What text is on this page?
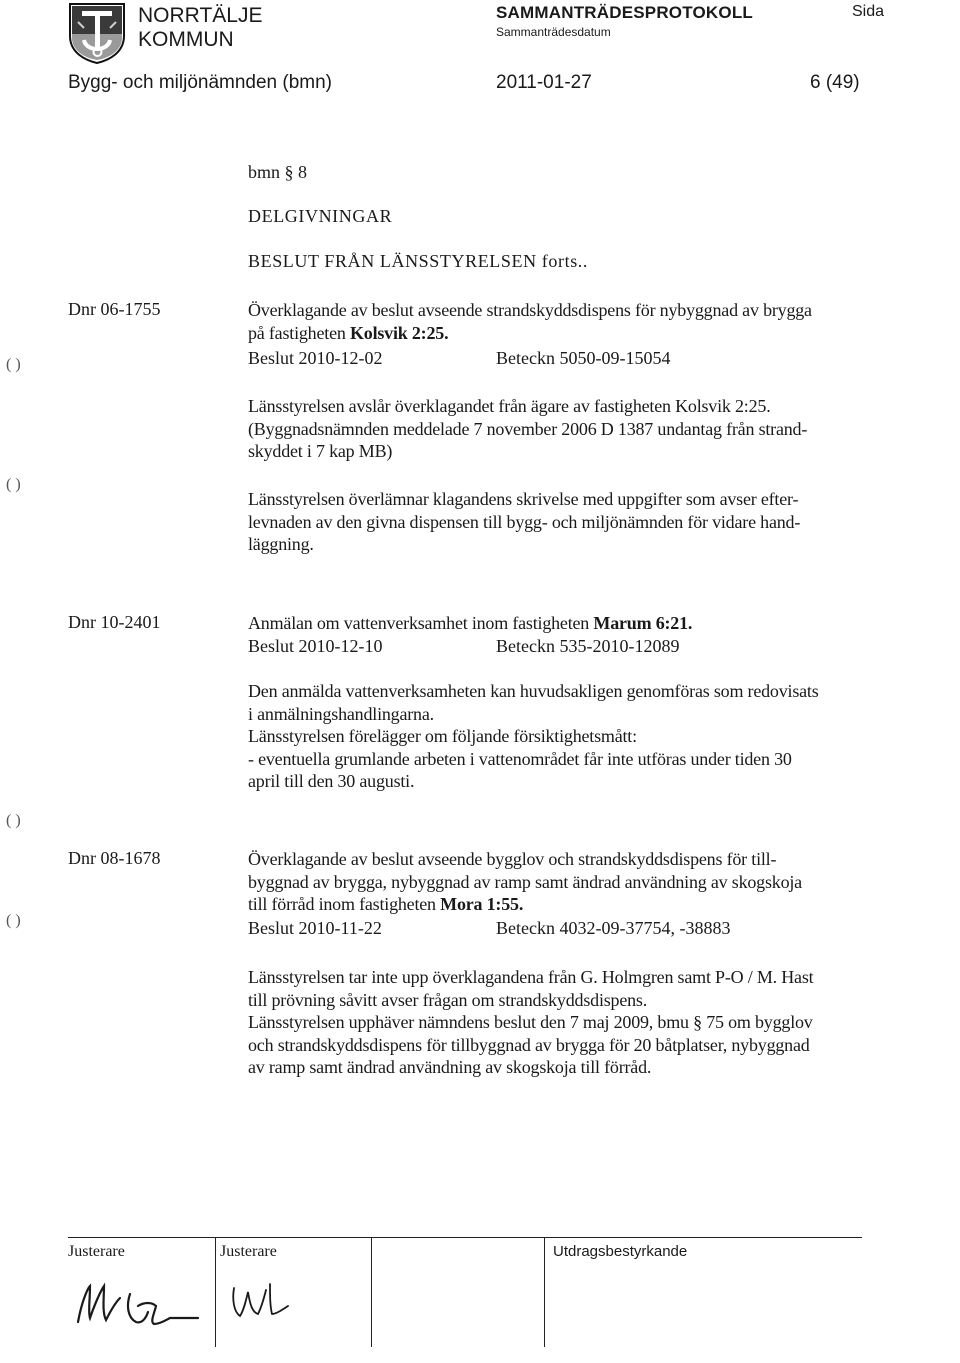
NORRTÄLJE
KOMMUN
SAMMANTRÄDESPROTOKOLL
Sammanträdesdatum
Sida
Bygg- och miljönämnden (bmn)	2011-01-27	6 (49)
bmn § 8
DELGIVNINGAR
BESLUT FRÅN LÄNSSTYRELSEN forts..
Dnr 06-1755	Överklagande av beslut avseende strandskyddsdispens för nybyggnad av brygga
på fastigheten Kolsvik 2:25.
Beslut 2010-12-02	Beteckn 5050-09-15054
Länsstyrelsen avslår överklagandet från ägare av fastigheten Kolsvik 2:25.
(Byggnadsnämnden meddelade 7 november 2006 D 1387 undantag från strand-
skyddet i 7 kap MB)
Länsstyrelsen överlämnar klagandens skrivelse med uppgifter som avser efter-
levnaden av den givna dispensen till bygg- och miljönämnden för vidare hand-
läggning.
Dnr 10-2401	Anmälan om vattenverksamhet inom fastigheten Marum 6:21.
Beslut 2010-12-10	Beteckn 535-2010-12089
Den anmälda vattenverksamheten kan huvudsakligen genomföras som redovisats
i anmälningshandlingarna.
Länsstyrelsen förelägger om följande försiktighetsmått:
- eventuella grumlande arbeten i vattenområdet får inte utföras under tiden 30
april till den 30 augusti.
Dnr 08-1678	Överklagande av beslut avseende bygglov och strandskyddsdispens för till-
byggnad av brygga, nybyggnad av ramp samt ändrad användning av skogskoja
till förråd inom fastigheten Mora 1:55.
Beslut 2010-11-22	Beteckn 4032-09-37754, -38883
Länsstyrelsen tar inte upp överklagandena från G. Holmgren samt P-O / M. Hast
till prövning såvitt avser frågan om strandskyddsdispens.
Länsstyrelsen upphäver nämndens beslut den 7 maj 2009, bmu § 75 om bygglov
och strandskyddsdispens för tillbyggnad av brygga för 20 båtplatser, nybyggnad
av ramp samt ändrad användning av skogskoja till förråd.
( )
( )
( )
( )
Justerare	Justerare	Utdragsbestyrkande
